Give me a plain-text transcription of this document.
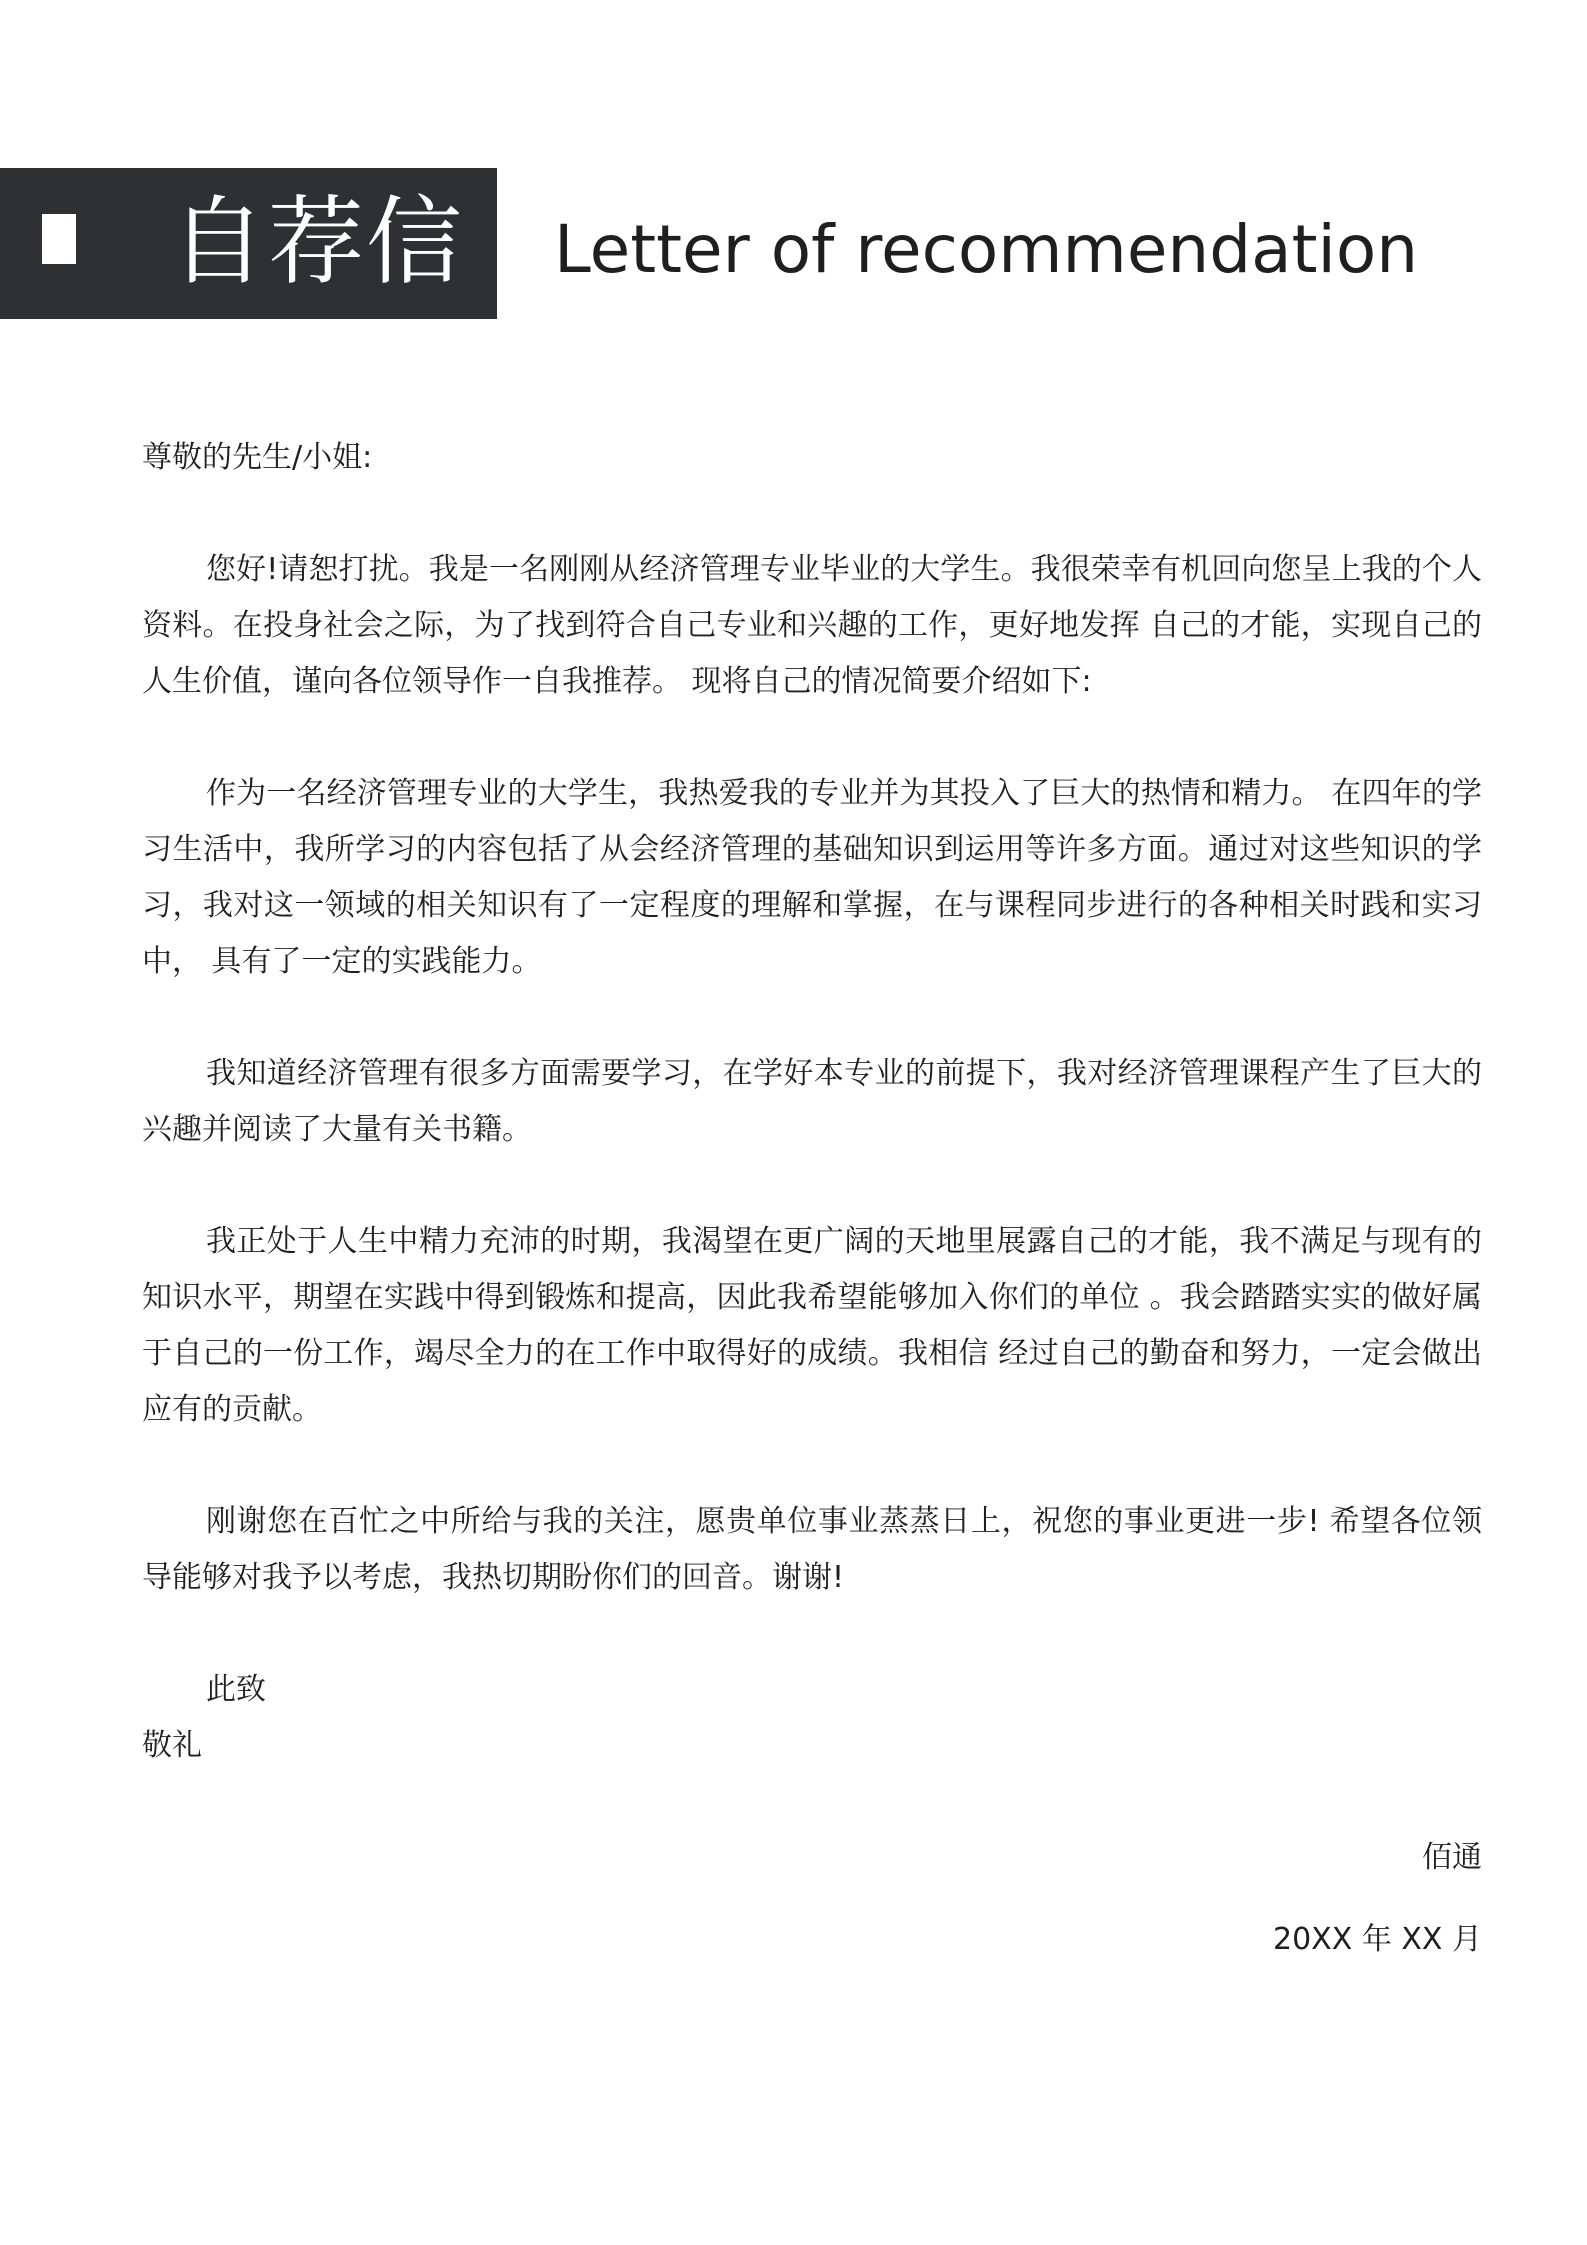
自荐信 Letter of recommendation

尊敬的先生/小姐:

您好!请恕打扰。我是一名刚刚从经济管理专业毕业的大学生。我很荣幸有机回向您呈上我的个人资料。在投身社会之际，为了找到符合自己专业和兴趣的工作，更好地发挥 自己的才能，实现自己的人生价值，谨向各位领导作一自我推荐。 现将自己的情况简要介绍如下:

作为一名经济管理专业的大学生，我热爱我的专业并为其投入了巨大的热情和精力。 在四年的学习生活中，我所学习的内容包括了从会经济管理的基础知识到运用等许多方面。通过对这些知识的学习，我对这一领域的相关知识有了一定程度的理解和掌握，在与课程同步进行的各种相关时践和实习中， 具有了一定的实践能力。

我知道经济管理有很多方面需要学习，在学好本专业的前提下，我对经济管理课程产生了巨大的兴趣并阅读了大量有关书籍。

我正处于人生中精力充沛的时期，我渴望在更广阔的天地里展露自己的才能，我不满足与现有的知识水平，期望在实践中得到锻炼和提高，因此我希望能够加入你们的单位 。我会踏踏实实的做好属于自己的一份工作，竭尽全力的在工作中取得好的成绩。我相信 经过自己的勤奋和努力，一定会做出应有的贡献。

刚谢您在百忙之中所给与我的关注，愿贵单位事业蒸蒸日上，祝您的事业更进一步! 希望各位领导能够对我予以考虑，我热切期盼你们的回音。谢谢!

此致

敬礼

佰通

20XX 年 XX 月
